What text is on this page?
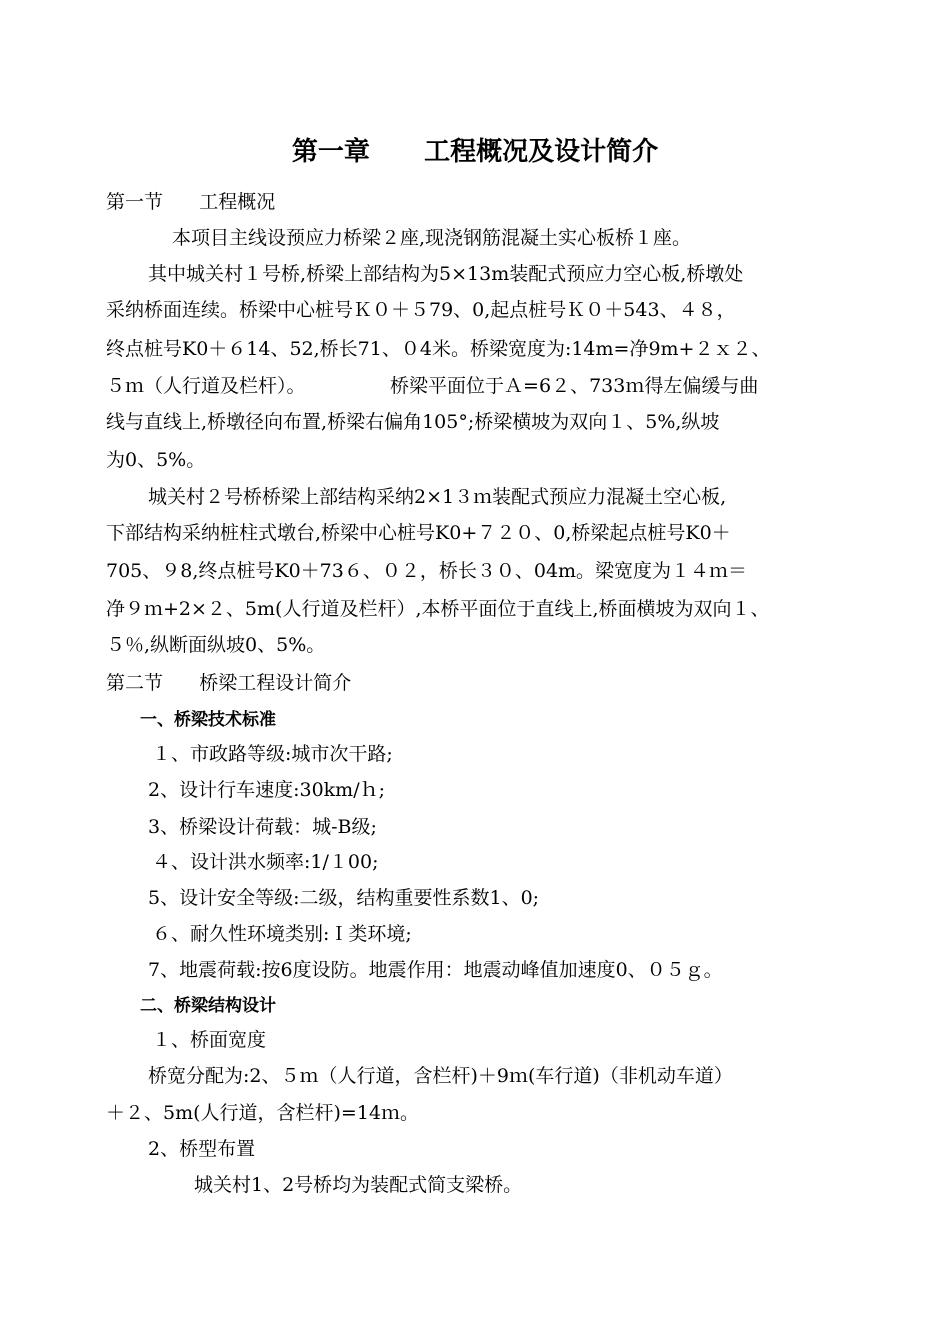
第一章      工程概况及设计简介
第一节      工程概况
本项目主线设预应力桥梁２座,现浇钢筋混凝土实心板桥１座。
其中城关村１号桥,桥梁上部结构为5×13m装配式预应力空心板,桥墩处
采纳桥面连续。桥梁中心桩号Ｋ０＋５79、0,起点桩号Ｋ０＋543、４８，
终点桩号K0＋６14、52,桥长71、０4米。桥梁宽度为:14m=净9m+２ｘ２、
５ｍ（人行道及栏杆）。              桥梁平面位于Ａ=6２、733ｍ得左偏缓与曲
线与直线上,桥墩径向布置,桥梁右偏角105°;桥梁横坡为双向１、5%,纵坡
为0、5%。
城关村２号桥桥梁上部结构采纳2×1３ｍ装配式预应力混凝土空心板,
下部结构采纳桩柱式墩台,桥梁中心桩号K0+７２０、0,桥梁起点桩号K0＋
705、９8,终点桩号K0＋73６、０２，桥长３０、04m。梁宽度为１４ｍ＝
净９ｍ+2×２、5m(人行道及栏杆）,本桥平面位于直线上,桥面横坡为双向１、
５％,纵断面纵坡0、5%。
第二节      桥梁工程设计简介
一、桥梁技术标准
１、市政路等级:城市次干路;
2、设计行车速度:30km/ｈ;
3、桥梁设计荷载：城-B级;
４、设计洪水频率:1/１00;
5、设计安全等级:二级，结构重要性系数1、0;
６、耐久性环境类别:Ｉ类环境;
7、地震荷载:按6度设防。地震作用：地震动峰值加速度0、０５ｇ。
二、桥梁结构设计
１、桥面宽度
桥宽分配为:2、５ｍ（人行道，含栏杆)＋9ｍ(车行道)（非机动车道）
＋２、5m(人行道，含栏杆)=14ｍ。
2、桥型布置
城关村1、2号桥均为装配式简支梁桥。
